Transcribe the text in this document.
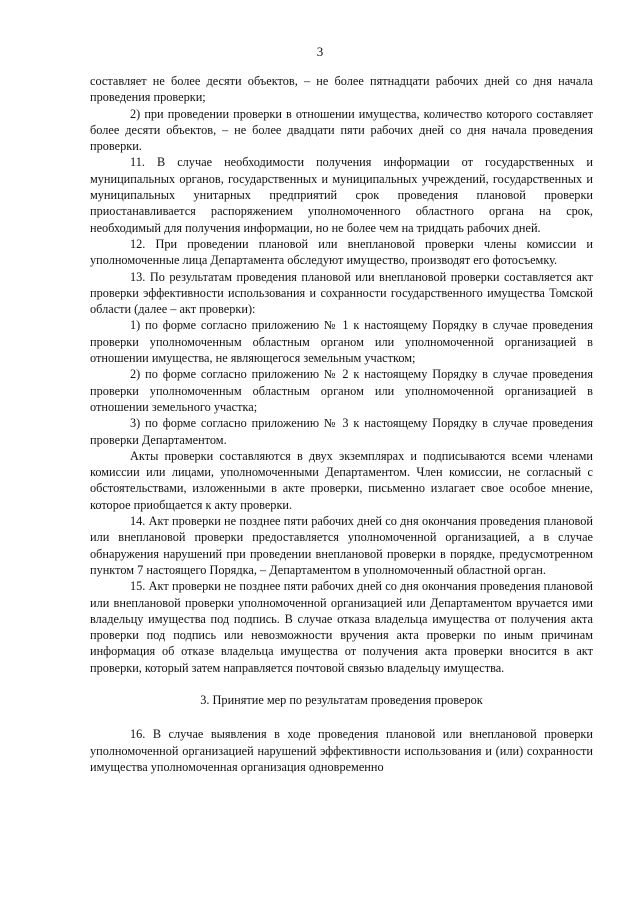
3

составляет не более десяти объектов, – не более пятнадцати рабочих дней со дня начала проведения проверки;

2) при проведении проверки в отношении имущества, количество которого составляет более десяти объектов, – не более двадцати пяти рабочих дней со дня начала проведения проверки.

11. В случае необходимости получения информации от государственных и муниципальных органов, государственных и муниципальных учреждений, государственных и муниципальных унитарных предприятий срок проведения плановой проверки приостанавливается распоряжением уполномоченного областного органа на срок, необходимый для получения информации, но не более чем на тридцать рабочих дней.

12. При проведении плановой или внеплановой проверки члены комиссии и уполномоченные лица Департамента обследуют имущество, производят его фотосъемку.

13. По результатам проведения плановой или внеплановой проверки составляется акт проверки эффективности использования и сохранности государственного имущества Томской области (далее – акт проверки):

1) по форме согласно приложению № 1 к настоящему Порядку в случае проведения проверки уполномоченным областным органом или уполномоченной организацией в отношении имущества, не являющегося земельным участком;

2) по форме согласно приложению № 2 к настоящему Порядку в случае проведения проверки уполномоченным областным органом или уполномоченной организацией в отношении земельного участка;

3) по форме согласно приложению № 3 к настоящему Порядку в случае проведения проверки Департаментом.

Акты проверки составляются в двух экземплярах и подписываются всеми членами комиссии или лицами, уполномоченными Департаментом. Член комиссии, не согласный с обстоятельствами, изложенными в акте проверки, письменно излагает свое особое мнение, которое приобщается к акту проверки.

14. Акт проверки не позднее пяти рабочих дней со дня окончания проведения плановой или внеплановой проверки предоставляется уполномоченной организацией, а в случае обнаружения нарушений при проведении внеплановой проверки в порядке, предусмотренном пунктом 7 настоящего Порядка, – Департаментом в уполномоченный областной орган.

15. Акт проверки не позднее пяти рабочих дней со дня окончания проведения плановой или внеплановой проверки уполномоченной организацией или Департаментом вручается ими владельцу имущества под подпись. В случае отказа владельца имущества от получения акта проверки под подпись или невозможности вручения акта проверки по иным причинам информация об отказе владельца имущества от получения акта проверки вносится в акт проверки, который затем направляется почтовой связью владельцу имущества.

3. Принятие мер по результатам проведения проверок

16. В случае выявления в ходе проведения плановой или внеплановой проверки уполномоченной организацией нарушений эффективности использования и (или) сохранности имущества уполномоченная организация одновременно
